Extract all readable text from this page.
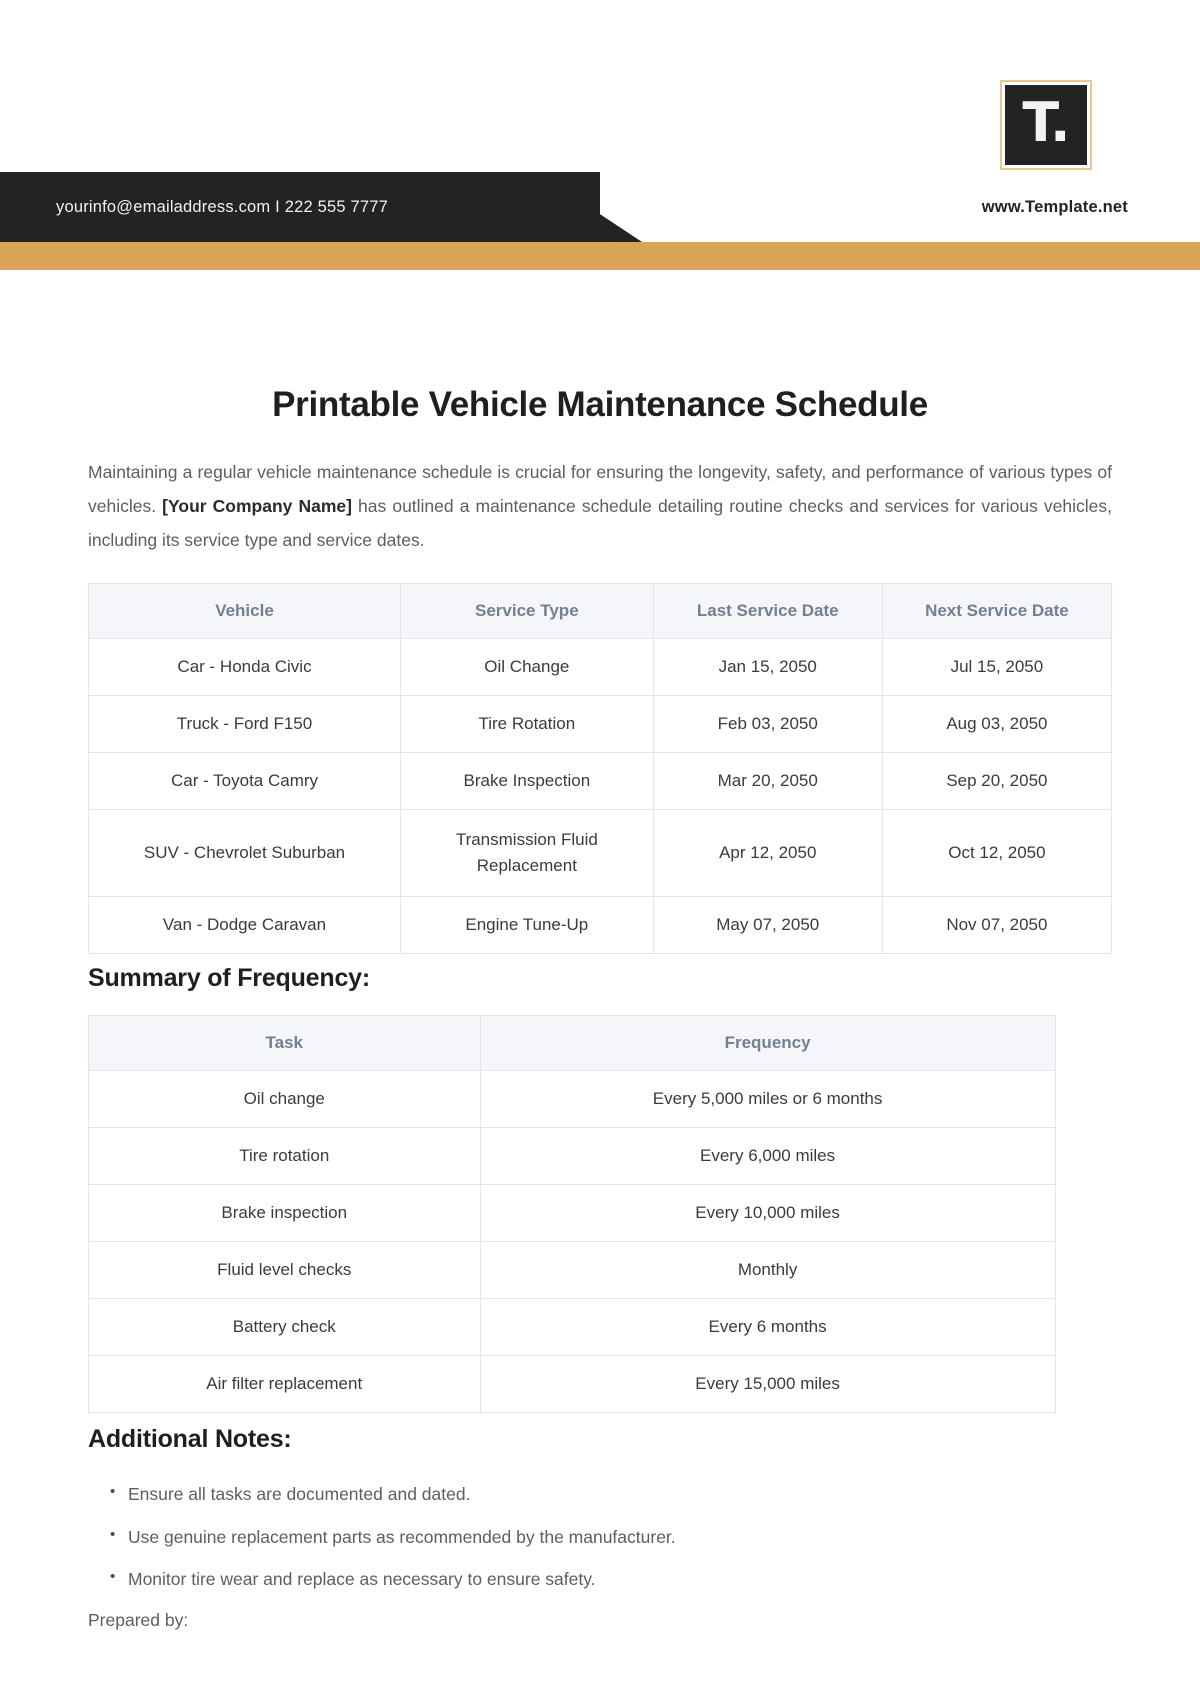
T.
yourinfo@emailaddress.com I 222 555 7777	www.Template.net
Printable Vehicle Maintenance Schedule

Maintaining a regular vehicle maintenance schedule is crucial for ensuring the longevity, safety, and performance of various types of vehicles. [Your Company Name] has outlined a maintenance schedule detailing routine checks and services for various vehicles, including its service type and service dates.

Vehicle	Service Type	Last Service Date	Next Service Date
Car - Honda Civic	Oil Change	Jan 15, 2050	Jul 15, 2050
Truck - Ford F150	Tire Rotation	Feb 03, 2050	Aug 03, 2050
Car - Toyota Camry	Brake Inspection	Mar 20, 2050	Sep 20, 2050
SUV - Chevrolet Suburban	Transmission Fluid Replacement	Apr 12, 2050	Oct 12, 2050
Van - Dodge Caravan	Engine Tune-Up	May 07, 2050	Nov 07, 2050
Summary of Frequency:
Task	Frequency
Oil change	Every 5,000 miles or 6 months
Tire rotation	Every 6,000 miles
Brake inspection	Every 10,000 miles
Fluid level checks	Monthly
Battery check	Every 6 months
Air filter replacement	Every 15,000 miles
Additional Notes:
• Ensure all tasks are documented and dated.
• Use genuine replacement parts as recommended by the manufacturer.
• Monitor tire wear and replace as necessary to ensure safety.

Prepared by:
